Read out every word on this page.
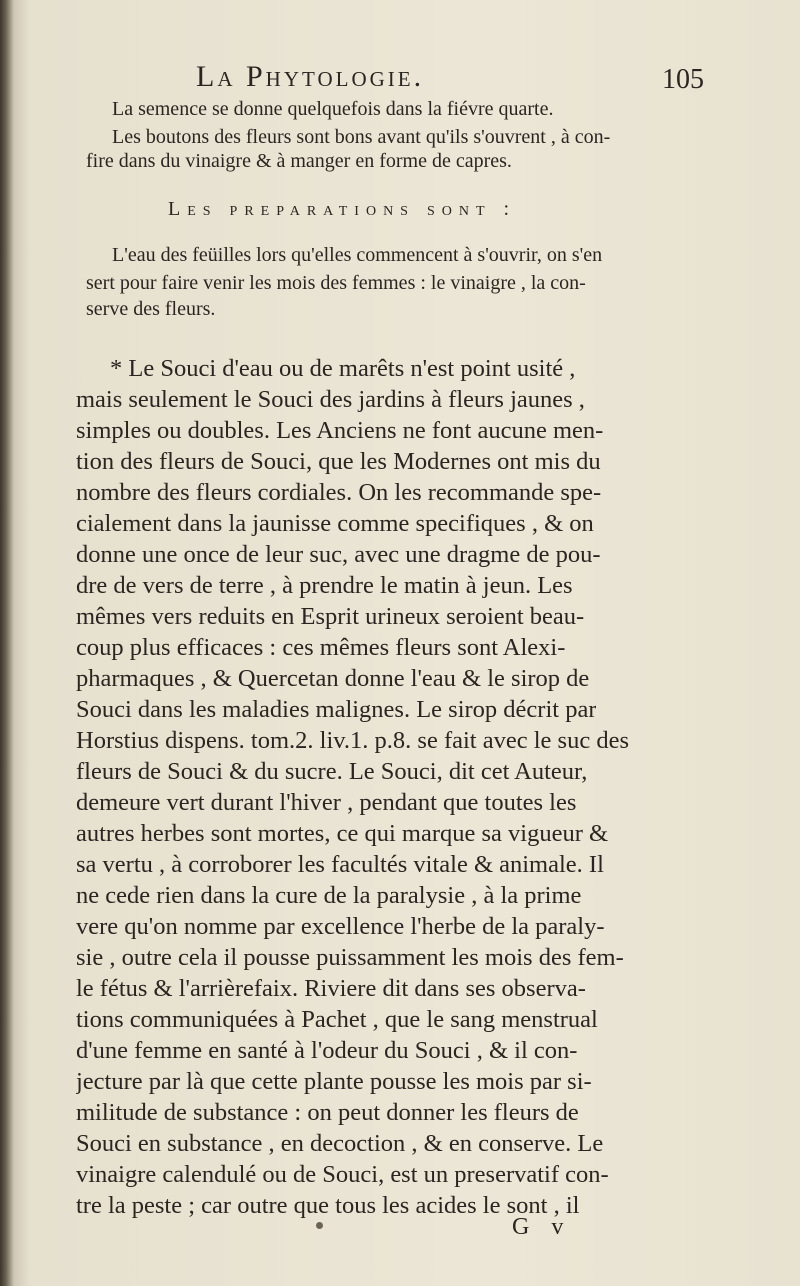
La Phytologie.	105
La semence se donne quelquefois dans la fiévre quarte.
Les boutons des fleurs sont bons avant qu'ils s'ouvrent , à con-
fire dans du vinaigre & à manger en forme de capres.
Les preparations sont :
L'eau des feüilles lors qu'elles commencent à s'ouvrir, on s'en
sert pour faire venir les mois des femmes : le vinaigre , la con-
serve des fleurs.
* Le Souci d'eau ou de marêts n'est point usité ,
mais seulement le Souci des jardins à fleurs jaunes ,
simples ou doubles. Les Anciens ne font aucune men-
tion des fleurs de Souci, que les Modernes ont mis du
nombre des fleurs cordiales. On les recommande spe-
cialement dans la jaunisse comme specifiques , & on
donne une once de leur suc, avec une dragme de pou-
dre de vers de terre , à prendre le matin à jeun. Les
mêmes vers reduits en Esprit urineux seroient beau-
coup plus efficaces : ces mêmes fleurs sont Alexi-
pharmaques , & Quercetan donne l'eau & le sirop de
Souci dans les maladies malignes. Le sirop décrit par
Horstius dispens. tom.2. liv.1. p.8. se fait avec le suc des
fleurs de Souci & du sucre. Le Souci, dit cet Auteur,
demeure vert durant l'hiver , pendant que toutes les
autres herbes sont mortes, ce qui marque sa vigueur &
sa vertu , à corroborer les facultés vitale & animale. Il
ne cede rien dans la cure de la paralysie , à la prime
vere qu'on nomme par excellence l'herbe de la paraly-
sie , outre cela il pousse puissamment les mois des fem-
le fétus & l'arrièrefaix. Riviere dit dans ses observa-
tions communiquées à Pachet , que le sang menstrual
d'une femme en santé à l'odeur du Souci , & il con-
jecture par là que cette plante pousse les mois par si-
militude de substance : on peut donner les fleurs de
Souci en substance , en decoction , & en conserve. Le
vinaigre calendulé ou de Souci, est un preservatif con-
tre la peste ; car outre que tous les acides le sont , il
G v
